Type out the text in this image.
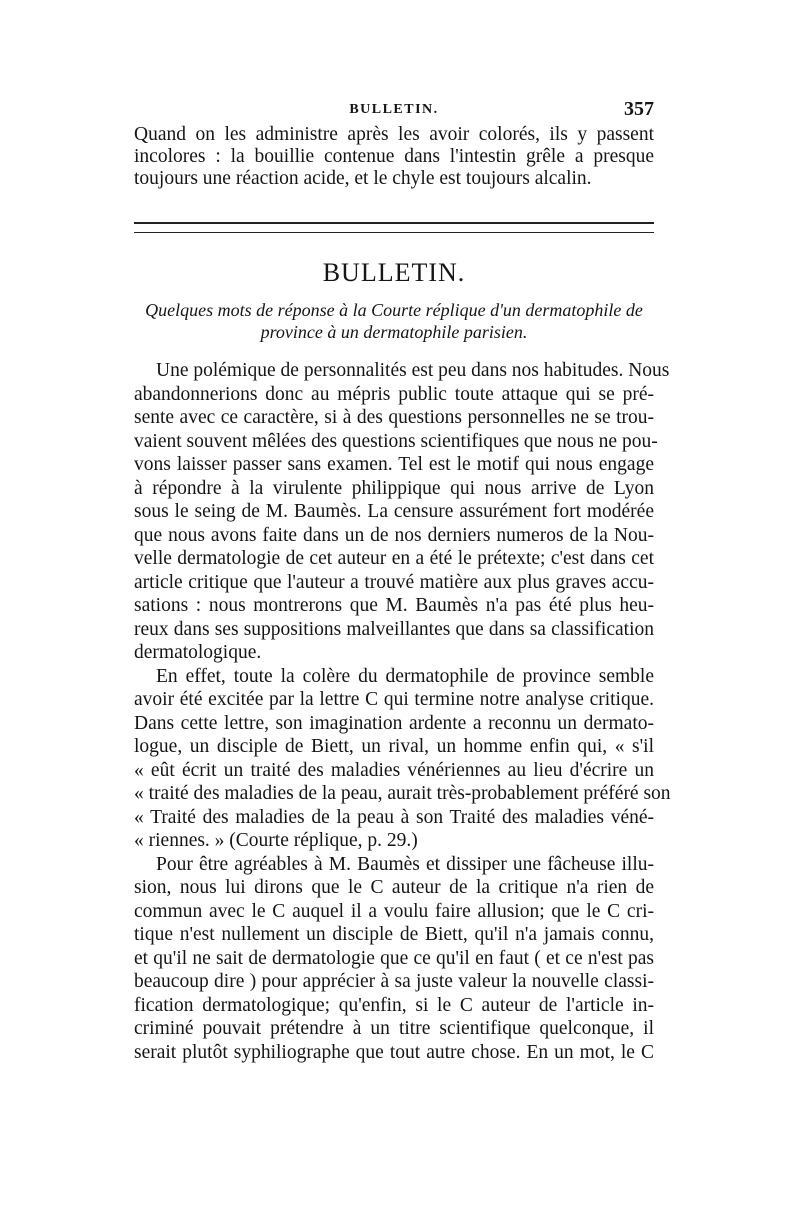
BULLETIN.	357

Quand on les administre après les avoir colorés, ils y passent incolores : la bouillie contenue dans l'intestin grêle a presque toujours une réaction acide, et le chyle est toujours alcalin.

BULLETIN.
Quelques mots de réponse à la Courte réplique d'un dermatophile de
province à un dermatophile parisien.
Une polémique de personnalités est peu dans nos habitudes. Nous
abandonnerions donc au mépris public toute attaque qui se pré-
sente avec ce caractère, si à des questions personnelles ne se trou-
vaient souvent mêlées des questions scientifiques que nous ne pou-
vons laisser passer sans examen. Tel est le motif qui nous engage
à répondre à la virulente philippique qui nous arrive de Lyon
sous le seing de M. Baumès. La censure assurément fort modérée
que nous avons faite dans un de nos derniers numeros de la Nou-
velle dermatologie de cet auteur en a été le prétexte; c'est dans cet
article critique que l'auteur a trouvé matière aux plus graves accu-
sations : nous montrerons que M. Baumès n'a pas été plus heu-
reux dans ses suppositions malveillantes que dans sa classification
dermatologique.
En effet, toute la colère du dermatophile de province semble
avoir été excitée par la lettre C qui termine notre analyse critique.
Dans cette lettre, son imagination ardente a reconnu un dermato-
logue, un disciple de Biett, un rival, un homme enfin qui, « s'il
« eût écrit un traité des maladies vénériennes au lieu d'écrire un
« traité des maladies de la peau, aurait très-probablement préféré son
« Traité des maladies de la peau à son Traité des maladies véné-
« riennes. » (Courte réplique, p. 29.)
Pour être agréables à M. Baumès et dissiper une fâcheuse illu-
sion, nous lui dirons que le C auteur de la critique n'a rien de
commun avec le C auquel il a voulu faire allusion; que le C cri-
tique n'est nullement un disciple de Biett, qu'il n'a jamais connu,
et qu'il ne sait de dermatologie que ce qu'il en faut ( et ce n'est pas
beaucoup dire ) pour apprécier à sa juste valeur la nouvelle classi-
fication dermatologique; qu'enfin, si le C auteur de l'article in-
criminé pouvait prétendre à un titre scientifique quelconque, il
serait plutôt syphiliographe que tout autre chose. En un mot, le C
